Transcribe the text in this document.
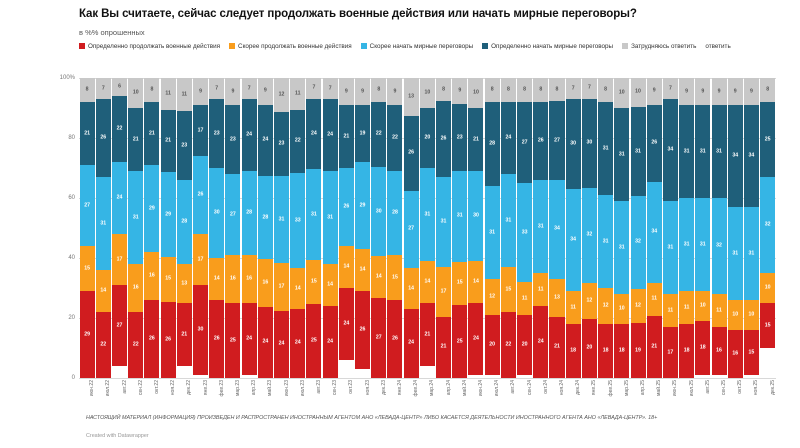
Как Вы считаете, сейчас следует продолжать военные действия или начать мирные переговоры?
в %% опрошенных
Определенно продолжать военные действия	Скорее продолжать военные действия	Скорее начать мирные переговоры	Определенно начать мирные переговоры	Затрудняюсь ответить ответить
0
20
40
60
80
100%
8
21
27
15
29
7
26
31
14
22
6
22
24
17
27
10
21
31
16
22
8
21
29
16
26
11
21
29
15
26
11
23
28
13
21
9
17
26
17
30
7
23
30
14
26
9
23
27
16
25
7
24
28
16
24
9
24
28
16
24
12
23
31
17
24
11
22
33
14
24
7
24
31
15
25
7
24
31
14
24
9
21
26
14
24
9
19
29
14
26
8
22
30
14
27
9
22
28
15
26
13
26
27
14
24
10
20
31
14
21
8
26
31
17
21
9
23
31
15
25
10
21
30
14
24
8
28
31
12
20
8
24
31
15
22
8
27
33
11
20
8
26
31
11
24
8
27
34
13
21
7
30
34
11
18
7
30
32
12
20
8
31
31
12
18
10
31
31
10
18
10
31
32
12
19
9
26
34
11
21
7
34
31
11
17
9
31
31
11
18
9
31
31
10
18
9
31
32
11
16
9
34
31
10
16
9
34
31
10
15
8
25
32
10
15
июн.22 июл.22 авг.22 сен.22 окт.22 ноя.22 дек.22 янв.23 фев.23 мар.23 апр.23 май.23 июн.23 июл.23 авг.23 сен.23 окт.23 ноя.23 дек.23 янв.24 фев.24 мар.24 апр.24 май.24 июн.24 июл.24 авг.24 сен.24 окт.24 ноя.24 дек.24 янв.25 фев.25 мар.25 апр.25 май.25 июн.25 июл.25 авг.25 сен.25 окт.25 ноя.25 дек.25
НАСТОЯЩИЙ МАТЕРИАЛ (ИНФОРМАЦИЯ) ПРОИЗВЕДЕН И РАСПРОСТРАНЕН ИНОСТРАННЫМ АГЕНТОМ АНО «ЛЕВАДА-ЦЕНТР» ЛИБО КАСАЕТСЯ ДЕЯТЕЛЬНОСТИ ИНОСТРАННОГО АГЕНТА АНО «ЛЕВАДА-ЦЕНТР». 18+
Created with Datawrapper
